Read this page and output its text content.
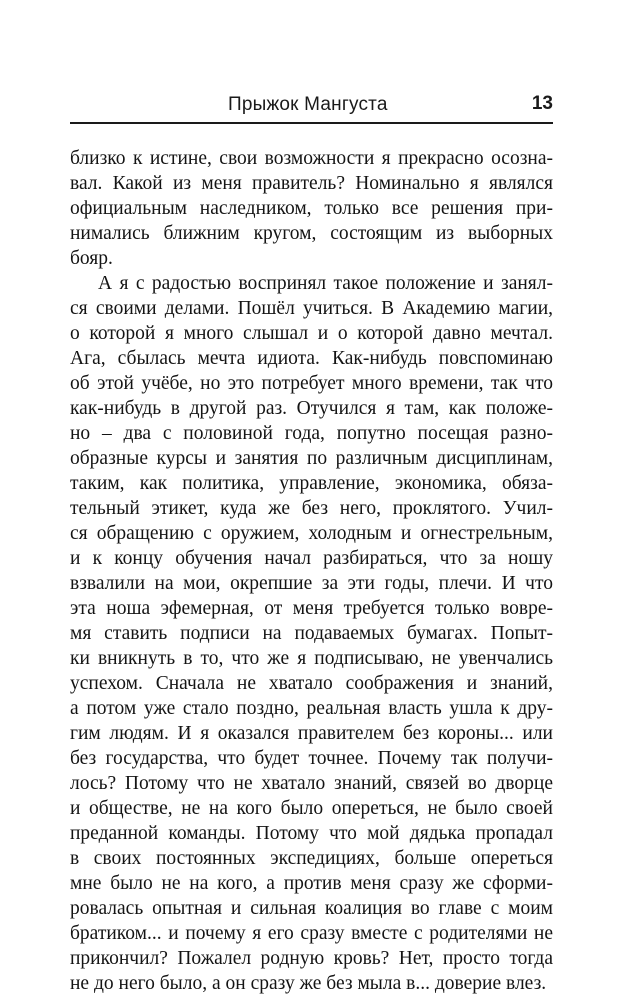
Прыжок Мангуста	13
близко к истине, свои возможности я прекрасно осозна-
вал. Какой из меня правитель? Номинально я являлся
официальным наследником, только все решения при-
нимались ближним кругом, состоящим из выборных
бояр.
А я с радостью воспринял такое положение и занял-
ся своими делами. Пошёл учиться. В Академию магии,
о которой я много слышал и о которой давно мечтал.
Ага, сбылась мечта идиота. Как-нибудь повспоминаю
об этой учёбе, но это потребует много времени, так что
как-нибудь в другой раз. Отучился я там, как положе-
но – два с половиной года, попутно посещая разно-
образные курсы и занятия по различным дисциплинам,
таким, как политика, управление, экономика, обяза-
тельный этикет, куда же без него, проклятого. Учил-
ся обращению с оружием, холодным и огнестрельным,
и к концу обучения начал разбираться, что за ношу
взвалили на мои, окрепшие за эти годы, плечи. И что
эта ноша эфемерная, от меня требуется только вовре-
мя ставить подписи на подаваемых бумагах. Попыт-
ки вникнуть в то, что же я подписываю, не увенчались
успехом. Сначала не хватало соображения и знаний,
а потом уже стало поздно, реальная власть ушла к дру-
гим людям. И я оказался правителем без короны... или
без государства, что будет точнее. Почему так получи-
лось? Потому что не хватало знаний, связей во дворце
и обществе, не на кого было опереться, не было своей
преданной команды. Потому что мой дядька пропадал
в своих постоянных экспедициях, больше опереться
мне было не на кого, а против меня сразу же сформи-
ровалась опытная и сильная коалиция во главе с моим
братиком... и почему я его сразу вместе с родителями не
прикончил? Пожалел родную кровь? Нет, просто тогда
не до него было, а он сразу же без мыла в... доверие влез.
